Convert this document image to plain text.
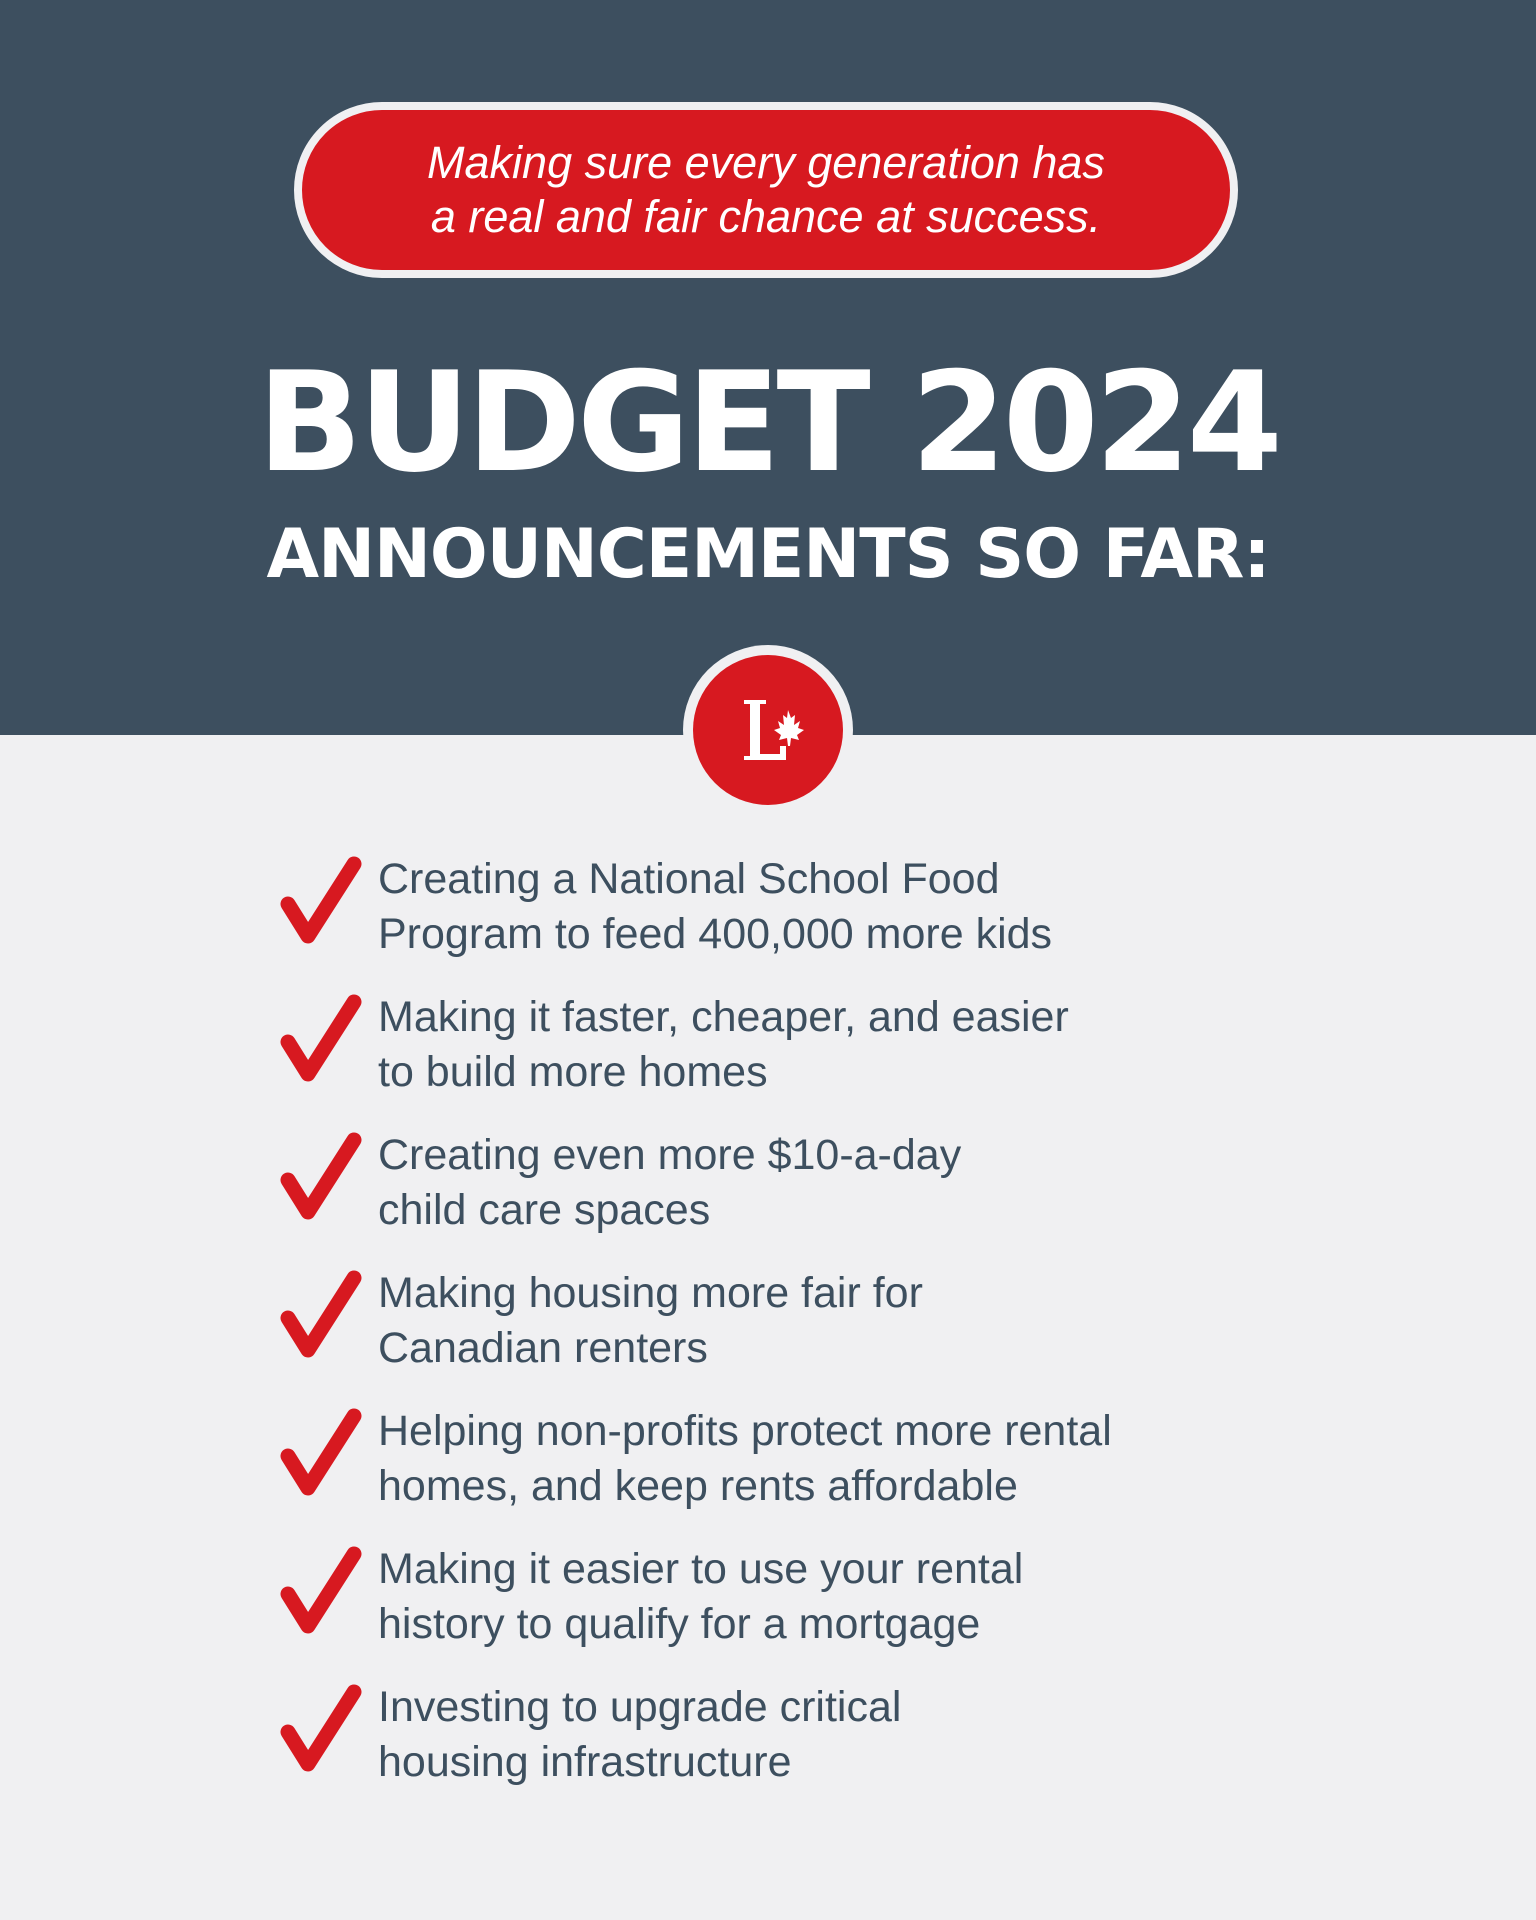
Making sure every generation has
a real and fair chance at success.
BUDGET 2024
ANNOUNCEMENTS SO FAR:
Creating a National School Food
Program to feed 400,000 more kids
Making it faster, cheaper, and easier
to build more homes
Creating even more $10-a-day
child care spaces
Making housing more fair for
Canadian renters
Helping non-profits protect more rental
homes, and keep rents affordable
Making it easier to use your rental
history to qualify for a mortgage
Investing to upgrade critical
housing infrastructure
